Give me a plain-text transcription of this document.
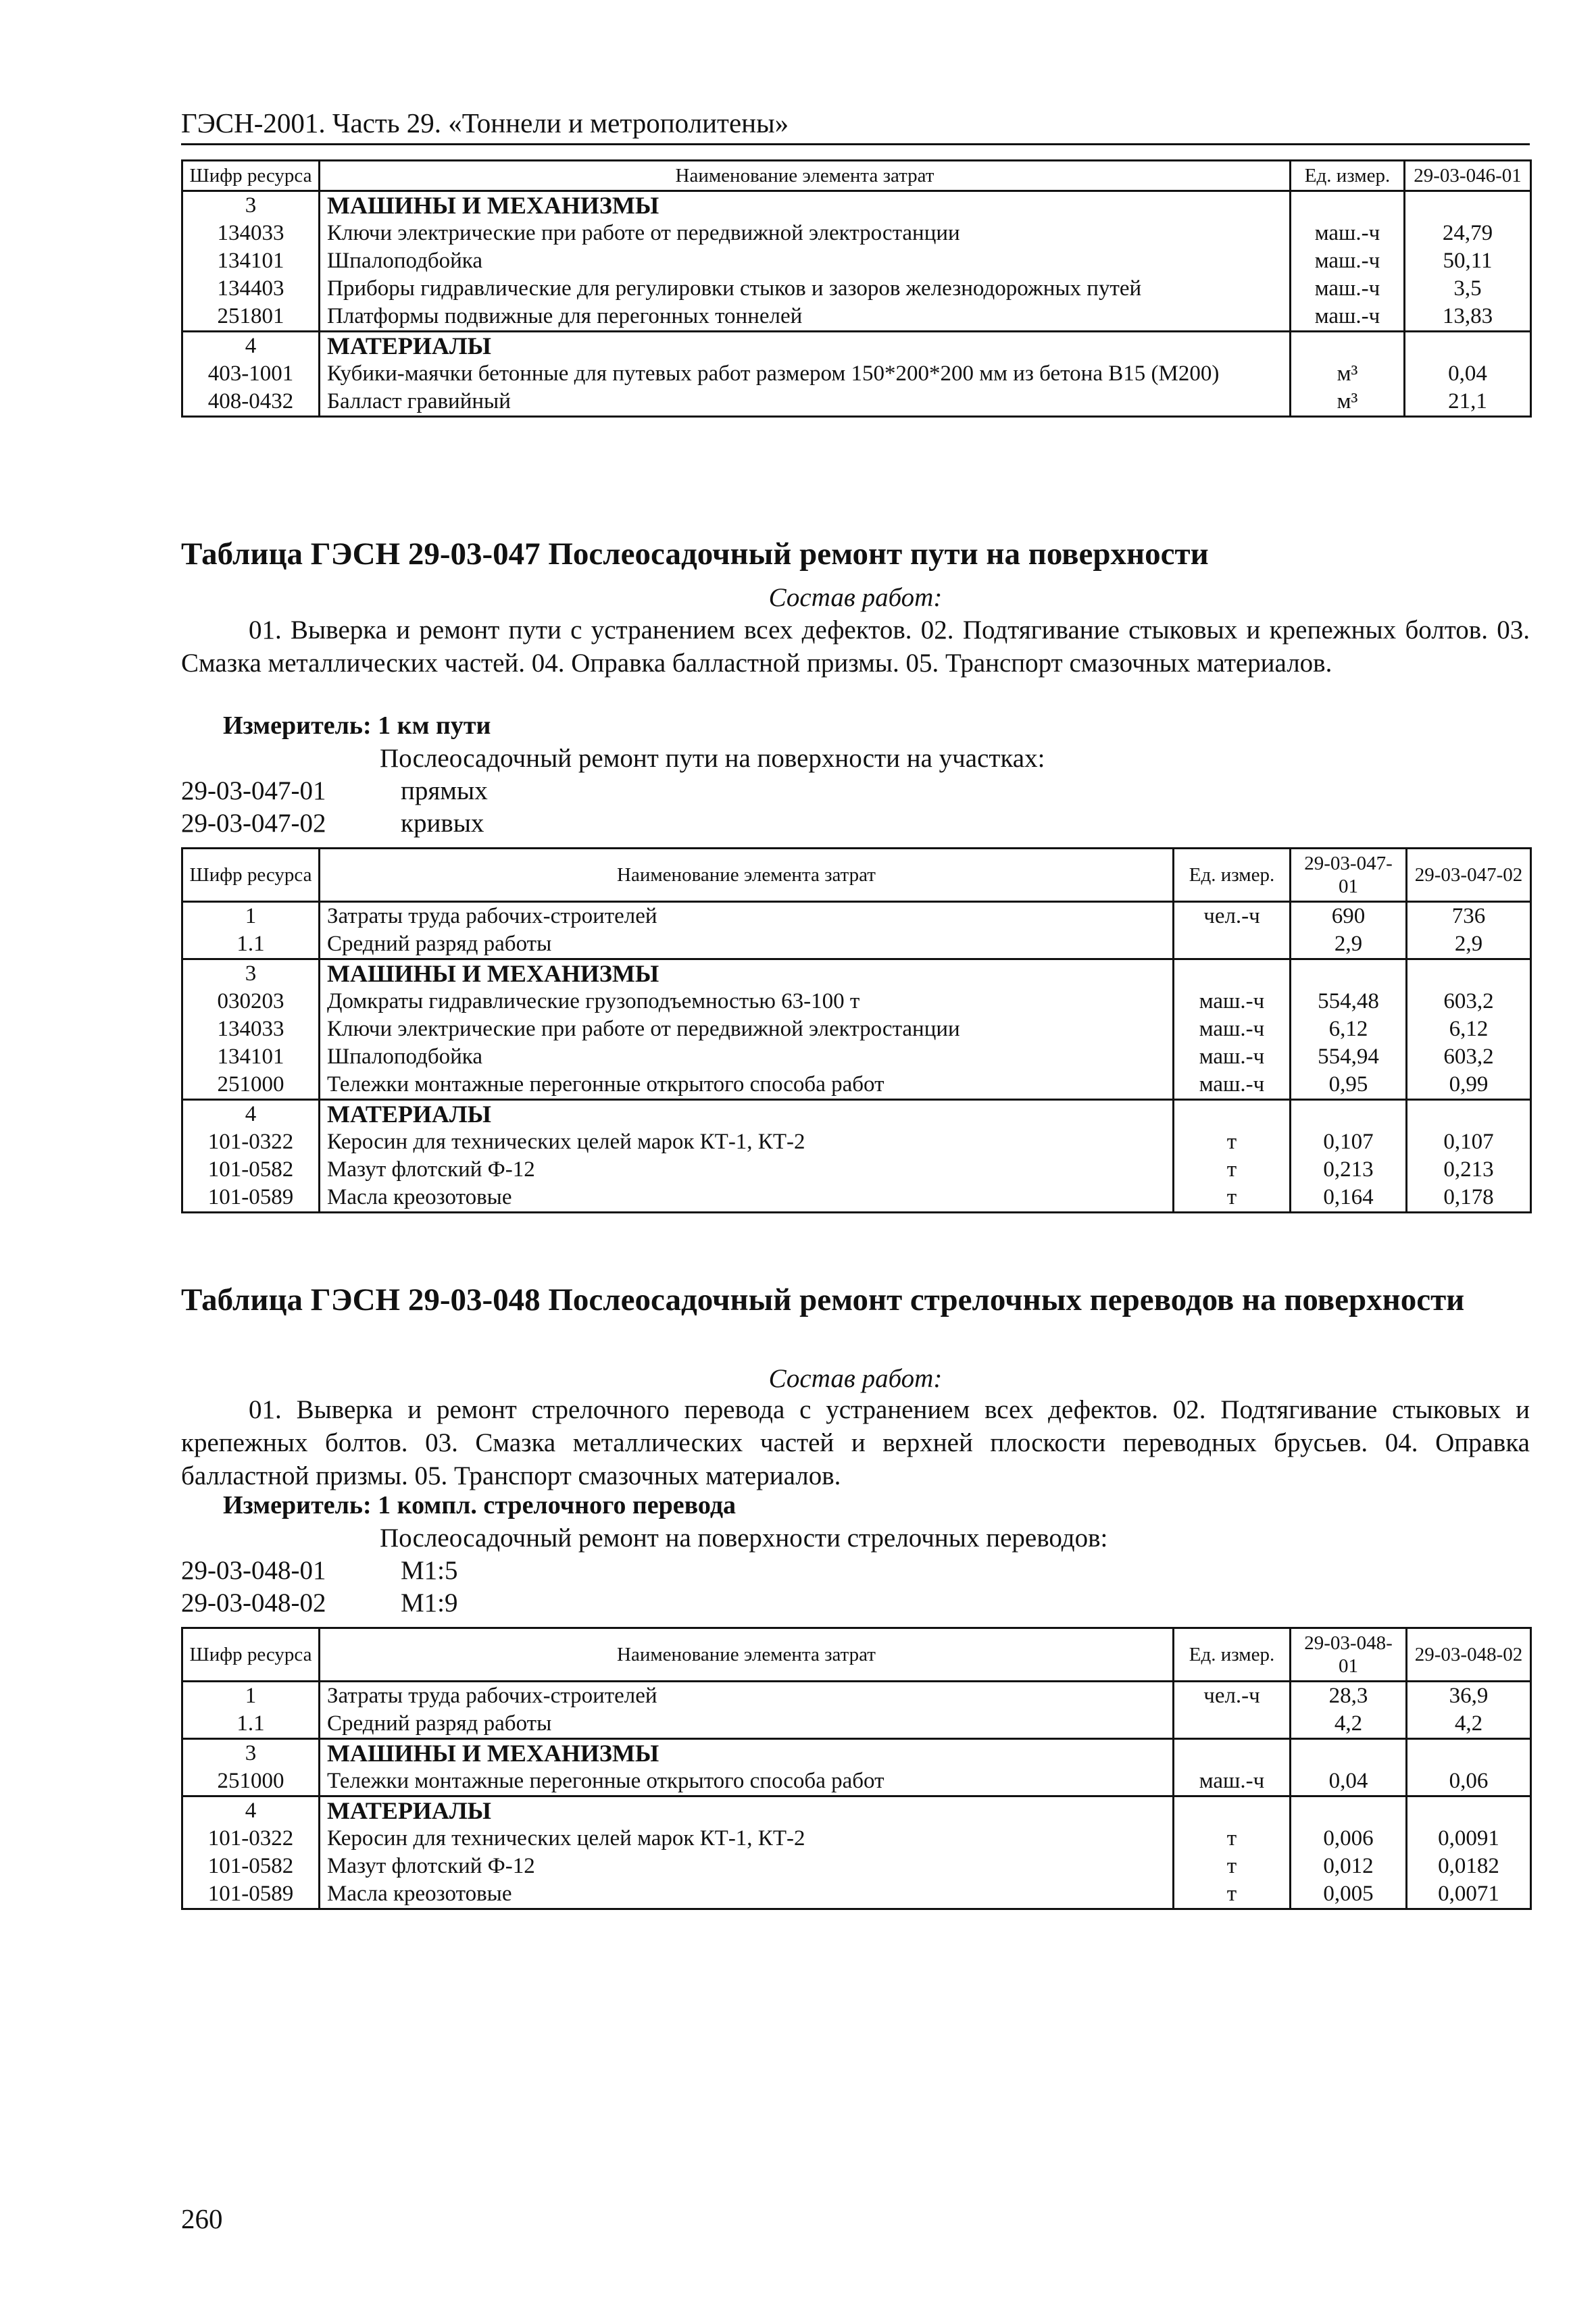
ГЭСН-2001. Часть 29. «Тоннели и метрополитены»
Шифр ресурса	Наименование элемента затрат	Ед. измер.	29-03-046-01
3	МАШИНЫ И МЕХАНИЗМЫ		
134033	Ключи электрические при работе от передвижной электростанции	маш.-ч	24,79
134101	Шпалоподбойка	маш.-ч	50,11
134403	Приборы гидравлические для регулировки стыков и зазоров железнодорожных путей	маш.-ч	3,5
251801	Платформы подвижные для перегонных тоннелей	маш.-ч	13,83
4	МАТЕРИАЛЫ		
403-1001	Кубики-маячки бетонные для путевых работ размером 150*200*200 мм из бетона В15 (М200)	м³	0,04
408-0432	Балласт гравийный	м³	21,1
Таблица ГЭСН 29-03-047 Послеосадочный ремонт пути на поверхности
Состав работ:
01. Выверка и ремонт пути с устранением всех дефектов. 02. Подтягивание стыковых и крепежных болтов. 03. Смазка металлических частей. 04. Оправка балластной призмы. 05. Транспорт смазочных материалов.
Измеритель: 1 км пути
Послеосадочный ремонт пути на поверхности на участках:
29-03-047-01	прямых
29-03-047-02	кривых
Шифр ресурса	Наименование элемента затрат	Ед. измер.	29-03-047-01	29-03-047-02
1	Затраты труда рабочих-строителей	чел.-ч	690	736
1.1	Средний разряд работы		2,9	2,9
3	МАШИНЫ И МЕХАНИЗМЫ			
030203	Домкраты гидравлические грузоподъемностью 63-100 т	маш.-ч	554,48	603,2
134033	Ключи электрические при работе от передвижной электростанции	маш.-ч	6,12	6,12
134101	Шпалоподбойка	маш.-ч	554,94	603,2
251000	Тележки монтажные перегонные открытого способа работ	маш.-ч	0,95	0,99
4	МАТЕРИАЛЫ			
101-0322	Керосин для технических целей марок КТ-1, КТ-2	т	0,107	0,107
101-0582	Мазут флотский Ф-12	т	0,213	0,213
101-0589	Масла креозотовые	т	0,164	0,178
Таблица ГЭСН 29-03-048 Послеосадочный ремонт стрелочных переводов на поверхности
Состав работ:
01. Выверка и ремонт стрелочного перевода с устранением всех дефектов. 02. Подтягивание стыковых и крепежных болтов. 03. Смазка металлических частей и верхней плоскости переводных брусьев. 04. Оправка балластной призмы. 05. Транспорт смазочных материалов.
Измеритель: 1 компл. стрелочного перевода
Послеосадочный ремонт на поверхности стрелочных переводов:
29-03-048-01	М1:5
29-03-048-02	М1:9
Шифр ресурса	Наименование элемента затрат	Ед. измер.	29-03-048-01	29-03-048-02
1	Затраты труда рабочих-строителей	чел.-ч	28,3	36,9
1.1	Средний разряд работы		4,2	4,2
3	МАШИНЫ И МЕХАНИЗМЫ			
251000	Тележки монтажные перегонные открытого способа работ	маш.-ч	0,04	0,06
4	МАТЕРИАЛЫ			
101-0322	Керосин для технических целей марок КТ-1, КТ-2	т	0,006	0,0091
101-0582	Мазут флотский Ф-12	т	0,012	0,0182
101-0589	Масла креозотовые	т	0,005	0,0071
260
